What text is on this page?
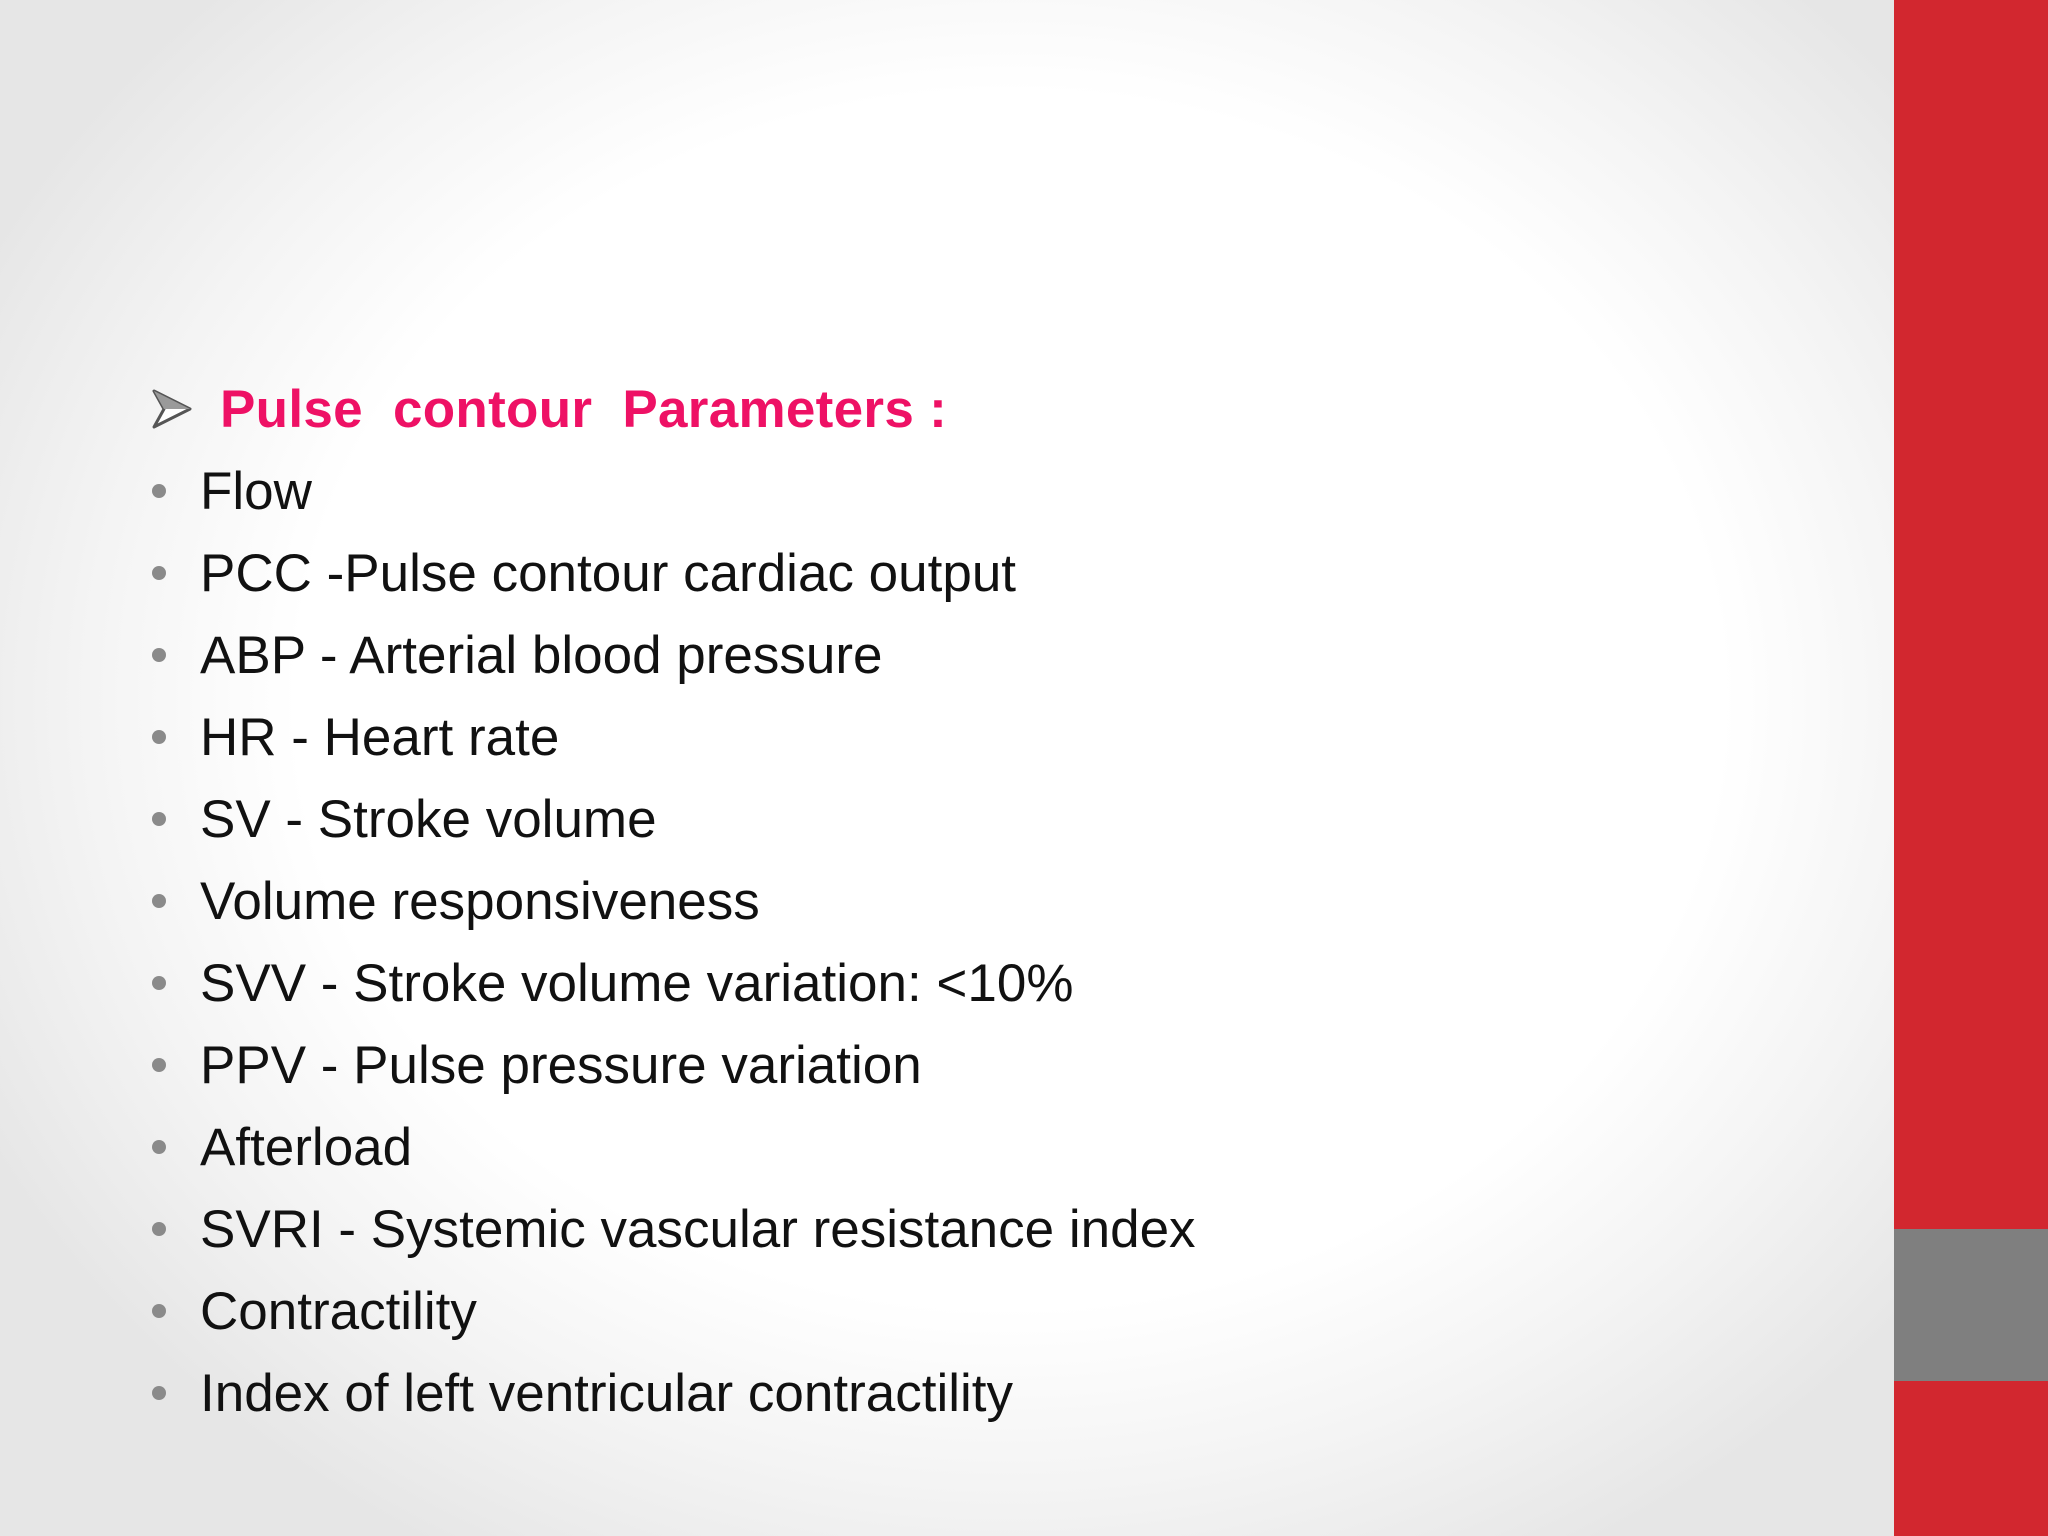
Pulse  contour  Parameters :
Flow
PCC -Pulse contour cardiac output
ABP - Arterial blood pressure
HR - Heart rate
SV - Stroke volume
Volume responsiveness
SVV - Stroke volume variation: <10%
PPV - Pulse pressure variation
Afterload
SVRI - Systemic vascular resistance index
Contractility
Index of left ventricular contractility
